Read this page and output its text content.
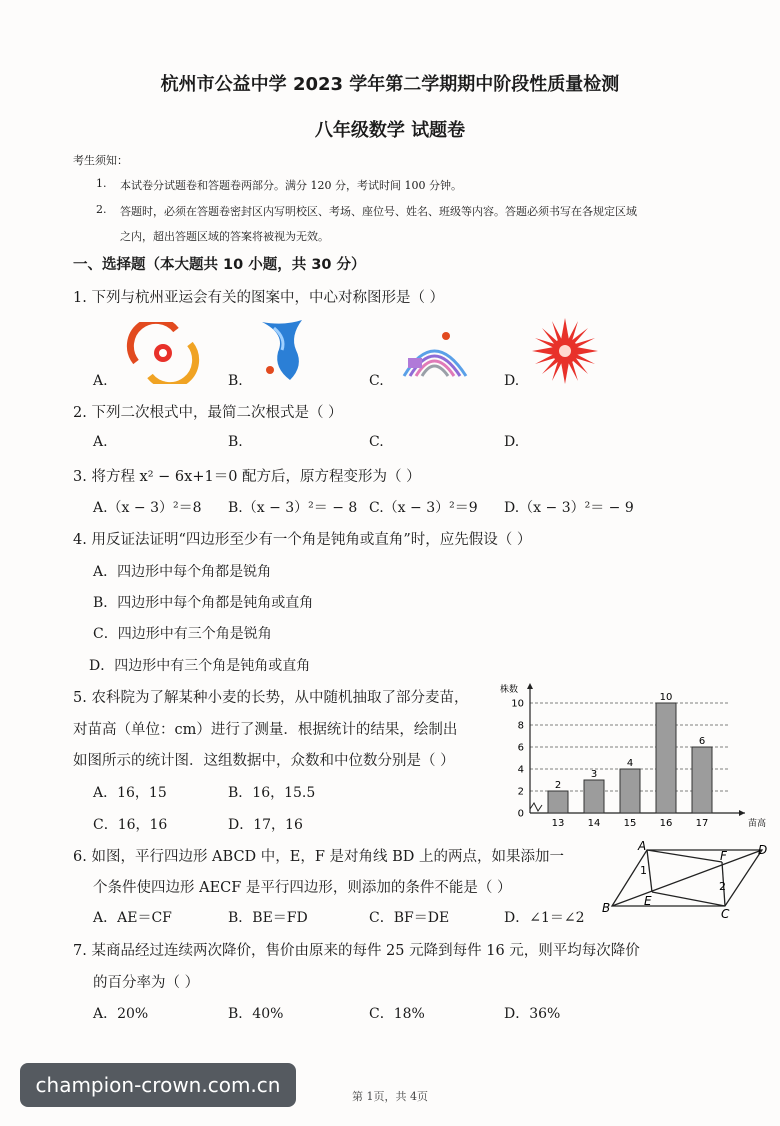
杭州市公益中学 2023 学年第二学期期中阶段性质量检测
八年级数学 试题卷
考生须知：
1. 本试卷分试题卷和答题卷两部分。满分 120 分，考试时间 100 分钟。
2. 答题时，必须在答题卷密封区内写明校区、考场、座位号、姓名、班级等内容。答题必须书写在各规定区域
之内，超出答题区域的答案将被视为无效。
一、选择题（本大题共 10 小题，共 30 分）
1. 下列与杭州亚运会有关的图案中，中心对称图形是（ ）
A.	B.	C.	D.
2. 下列二次根式中，最简二次根式是（ ）
A.	B.	C.	D.
3. 将方程 x² − 6x+1＝0 配方后，原方程变形为（ ）
A.（x − 3）²＝8 B.（x − 3）²＝ − 8 C.（x − 3）²＝9 D.（x − 3）²＝ − 9
4. 用反证法证明“四边形至少有一个角是钝角或直角”时，应先假设（ ）
A．四边形中每个角都是锐角
B．四边形中每个角都是钝角或直角
C．四边形中有三个角是锐角
D．四边形中有三个角是钝角或直角
5. 农科院为了解某种小麦的长势，从中随机抽取了部分麦苗，
对苗高（单位：cm）进行了测量．根据统计的结果，绘制出
如图所示的统计图．这组数据中，众数和中位数分别是（ ）
A．16，15	B．16，15.5
C．16，16	D．17，16
0
2
4
6
8
10
株数
苗高
2
13
3
14
4
15
10
16
6
17
6. 如图，平行四边形 ABCD 中，E，F 是对角线 BD 上的两点，如果添加一
个条件使四边形 AECF 是平行四边形，则添加的条件不能是（ ）
A．AE＝CF	B．BE＝FD	C．BF＝DE	D．∠1＝∠2
A	D
B	C
E
F
1
2
7. 某商品经过连续两次降价，售价由原来的每件 25 元降到每件 16 元，则平均每次降价
的百分率为（ ）
A．20%	B．40%	C．18%	D．36%
第 1页，共 4页
champion-crown.com.cn
